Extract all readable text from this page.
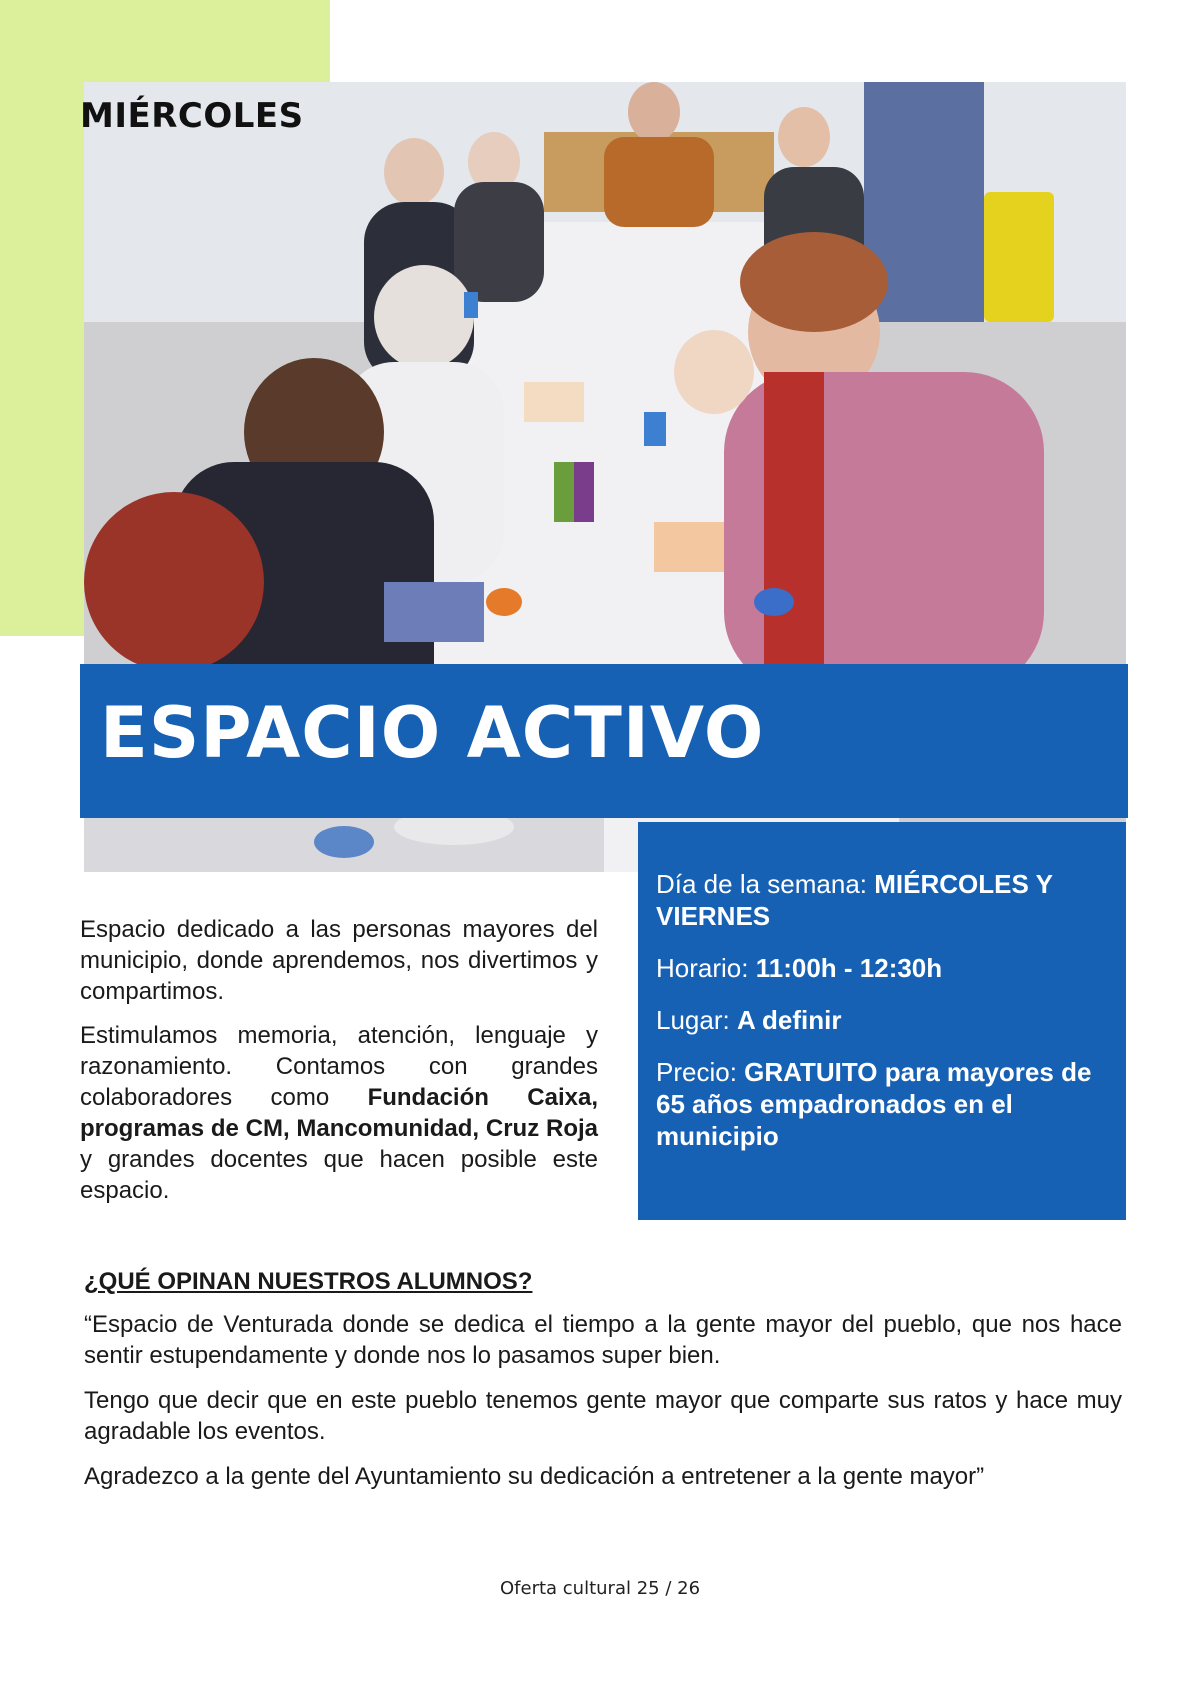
MIÉRCOLES
ESPACIO ACTIVO

Día de la semana: MIÉRCOLES Y VIERNES

Horario: 11:00h - 12:30h

Lugar: A definir

Precio: GRATUITO para mayores de 65 años empadronados en el municipio

Espacio dedicado a las personas mayores del municipio, donde aprendemos, nos divertimos y compartimos.

Estimulamos memoria, atención, lenguaje y razonamiento. Contamos con grandes colaboradores como Fundación Caixa, programas de CM, Mancomunidad, Cruz Roja y grandes docentes que hacen posible este espacio.

¿QUÉ OPINAN NUESTROS ALUMNOS?

“Espacio de Venturada donde se dedica el tiempo a la gente mayor del pueblo, que nos hace sentir estupendamente y donde nos lo pasamos super bien.

Tengo que decir que en este pueblo tenemos gente mayor que comparte sus ratos y hace muy agradable los eventos.

Agradezco a la gente del Ayuntamiento su dedicación a entretener a la gente mayor”

Oferta cultural 25 / 26
